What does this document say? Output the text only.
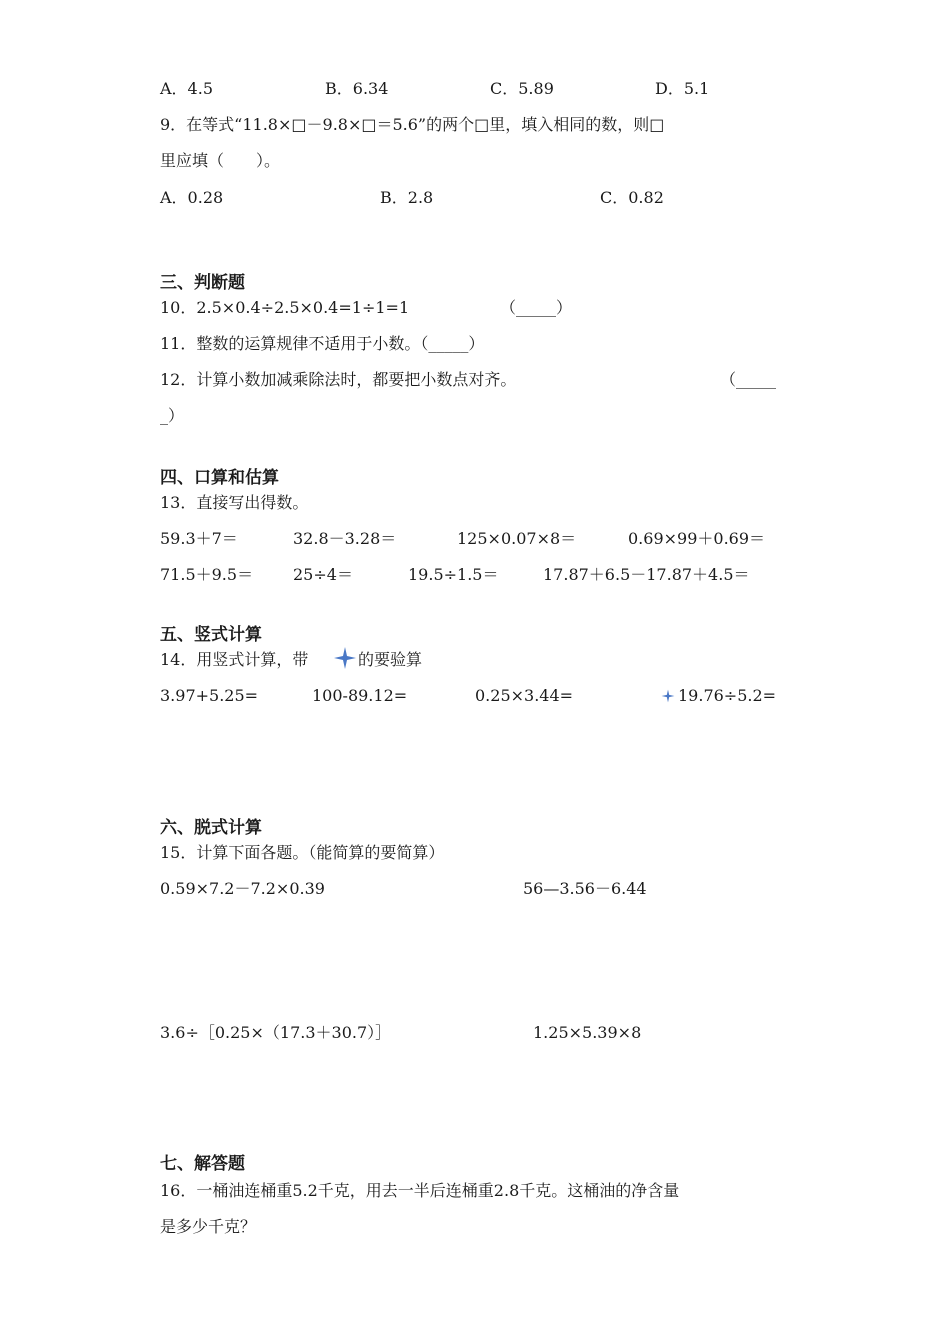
A．4.5	B．6.34	C．5.89	D．5.1
9．在等式“11.8×□－9.8×□＝5.6”的两个□里，填入相同的数，则□
里应填（　　）。
A．0.28	B．2.8	C．0.82
三、判断题
10．2.5×0.4÷2.5×0.4=1÷1=1	（_____）
11．整数的运算规律不适用于小数。（_____）
12．计算小数加减乘除法时，都要把小数点对齐。	（_____
_）
四、口算和估算
13．直接写出得数。
59.3＋7＝	32.8－3.28＝	125×0.07×8＝	0.69×99＋0.69＝
71.5＋9.5＝ 25÷4＝	19.5÷1.5＝	17.87＋6.5－17.87＋4.5＝
五、竖式计算
14．用竖式计算，带	的要验算
3.97+5.25=	100-89.12=	0.25×3.44=	19.76÷5.2=
六、脱式计算
15．计算下面各题。（能简算的要简算）
0.59×7.2－7.2×0.39	56—3.56－6.44
3.6÷［0.25×（17.3＋30.7）］	1.25×5.39×8
七、解答题
16．一桶油连桶重5.2千克，用去一半后连桶重2.8千克。这桶油的净含量
是多少千克？
